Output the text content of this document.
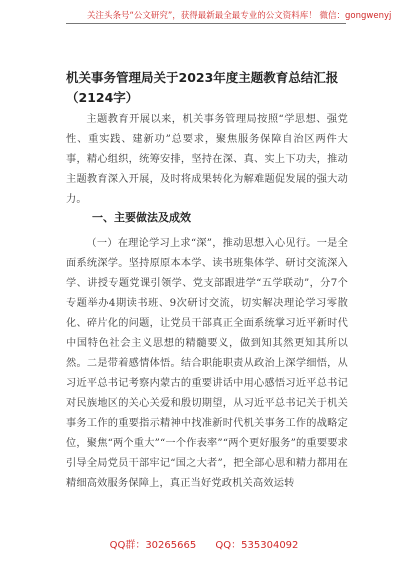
关注头条号“公文研究”，获得最新最全最专业的公文资料库！ 微信：gongwenyj
机关事务管理局关于2023年度主题教育总结汇报（2124字）
主题教育开展以来，机关事务管理局按照“学思想、强党性、重实践、建新功”总要求，聚焦服务保障自治区两件大事，精心组织，统筹安排，坚持在深、真、实上下功夫，推动主题教育深入开展，及时将成果转化为解难题促发展的强大动力。
一、主要做法及成效
（一）在理论学习上求“深”，推动思想入心见行。一是全面系统深学。坚持原原本本学、读书班集体学、研讨交流深入学、讲授专题党课引领学、党支部跟进学“五学联动”，分7个专题举办4期读书班、9次研讨交流，切实解决理论学习零散化、碎片化的问题，让党员干部真正全面系统掌习近平新时代中国特色社会主义思想的精髓要义，做到知其然更知其所以然。二是带着感情体悟。结合职能职责从政治上深学细悟，从习近平总书记考察内蒙古的重要讲话中用心感悟习近平总书记对民族地区的关心关爱和殷切期望，从习近平总书记关于机关事务工作的重要指示精神中找准新时代机关事务工作的战略定位，聚焦“两个重大”“一个作表率”“两个更好服务”的重要要求引导全局党员干部牢记“国之大者”，把全部心思和精力都用在精细高效服务保障上，真正当好党政机关高效运转
QQ群：30265665 QQ：535304092
